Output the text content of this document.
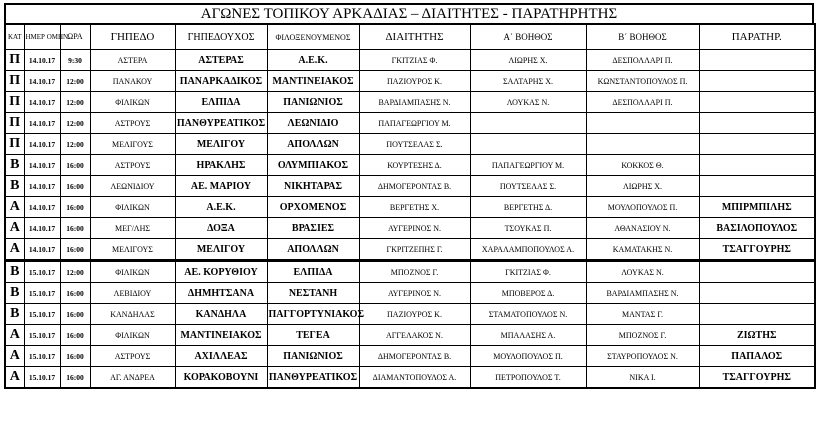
ΑΓΩΝΕΣ ΤΟΠΙΚΟΥ ΑΡΚΑΔΙΑΣ – ΔΙΑΙΤΗΤΕΣ - ΠΑΡΑΤΗΡΗΤΗΣ
ΚΑΤ	ΗΜΕΡ ΟΜΗΝ	ΩΡΑ	ΓΗΠΕΔΟ	ΓΗΠΕΔΟΥΧΟΣ	ΦΙΛΟΞΕΝΟΥΜΕΝΟΣ	ΔΙΑΙΤΗΤΗΣ	Α΄ ΒΟΗΘΟΣ	Β΄ ΒΟΗΘΟΣ	ΠΑΡΑΤΗΡ.
Π	14.10.17	9:30	ΑΣΤΕΡΑ	ΑΣΤΕΡΑΣ	Α.Ε.Κ.	ΓΚΙΤΖΙΑΣ Φ.	ΛΙΩΡΗΣ Χ.	ΔΕΣΠΟΛΛΑΡΙ Π.	
Π	14.10.17	12:00	ΠΑΝΑΚΟΥ	ΠΑΝΑΡΚΑΔΙΚΟΣ	ΜΑΝΤΙΝΕΙΑΚΟΣ	ΠΑΖΙΟΥΡΟΣ Κ.	ΣΑΛΤΑΡΗΣ Χ.	ΚΩΝΣΤΑΝΤΟΠΟΥΛΟΣ Π.	
Π	14.10.17	12:00	ΦΙΛΙΚΩΝ	ΕΛΠΙΔΑ	ΠΑΝΙΩΝΙΟΣ	ΒΑΡΔΙΑΜΠΑΣΗΣ Ν.	ΛΟΥΚΑΣ Ν.	ΔΕΣΠΟΛΛΑΡΙ Π.	
Π	14.10.17	12:00	ΑΣΤΡΟΥΣ	ΠΑΝΘΥΡΕΑΤΙΚΟΣ	ΛΕΩΝΙΔΙΟ	ΠΑΠΑΓΕΩΡΓΙΟΥ Μ.			
Π	14.10.17	12:00	ΜΕΛΙΓΟΥΣ	ΜΕΛΙΓΟΥ	ΑΠΟΛΛΩΝ	ΠΟΥΤΣΕΛΑΣ Σ.			
Β	14.10.17	16:00	ΑΣΤΡΟΥΣ	ΗΡΑΚΛΗΣ	ΟΛΥΜΠΙΑΚΟΣ	ΚΟΥΡΤΕΣΗΣ Δ.	ΠΑΠΑΓΕΩΡΓΙΟΥ Μ.	ΚΟΚΚΟΣ Θ.	
Β	14.10.17	16:00	ΛΕΩΝΙΔΙΟΥ	ΑΕ. ΜΑΡΙΟΥ	ΝΙΚΗΤΑΡΑΣ	ΔΗΜΟΓΕΡΟΝΤΑΣ Β.	ΠΟΥΤΣΕΛΑΣ Σ.	ΛΙΩΡΗΣ Χ.	
Α	14.10.17	16:00	ΦΙΛΙΚΩΝ	Α.Ε.Κ.	ΟΡΧΟΜΕΝΟΣ	ΒΕΡΓΕΤΗΣ Χ.	ΒΕΡΓΕΤΗΣ Δ.	ΜΟΥΛΟΠΟΥΛΟΣ Π.	ΜΠΙΡΜΠΙΛΗΣ
Α	14.10.17	16:00	ΜΕΓ/ΛΗΣ	ΔΟΞΑ	ΒΡΑΣΙΕΣ	ΑΥΓΕΡΙΝΟΣ Ν.	ΤΣΟΥΚΑΣ Π.	ΑΘΑΝΑΣΙΟΥ Ν.	ΒΑΣΙΛΟΠΟΥΛΟΣ
Α	14.10.17	16:00	ΜΕΛΙΓΟΥΣ	ΜΕΛΙΓΟΥ	ΑΠΟΛΛΩΝ	ΓΚΡΙΤΖΕΠΗΣ Γ.	ΧΑΡΑΛΑΜΠΟΠΟΥΛΟΣ Α.	ΚΑΜΑΤΑΚΗΣ Ν.	ΤΣΑΓΓΟΥΡΗΣ
Β	15.10.17	12:00	ΦΙΛΙΚΩΝ	ΑΕ. ΚΟΡΥΘΙΟΥ	ΕΛΠΙΔΑ	ΜΠΟΖΝΟΣ Γ.	ΓΚΙΤΖΙΑΣ Φ.	ΛΟΥΚΑΣ Ν.	
Β	15.10.17	16:00	ΛΕΒΙΔΙΟΥ	ΔΗΜΗΤΣΑΝΑ	ΝΕΣΤΑΝΗ	ΑΥΓΕΡΙΝΟΣ Ν.	ΜΠΟΒΕΡΟΣ Δ.	ΒΑΡΔΙΑΜΠΑΣΗΣ Ν.	
Β	15.10.17	16:00	ΚΑΝΔΗΛΑΣ	ΚΑΝΔΗΛΑ	ΠΑΓΓΟΡΤΥΝΙΑΚΟΣ	ΠΑΖΙΟΥΡΟΣ Κ.	ΣΤΑΜΑΤΟΠΟΥΛΟΣ Ν.	ΜΑΝΤΑΣ Γ.	
Α	15.10.17	16:00	ΦΙΛΙΚΩΝ	ΜΑΝΤΙΝΕΙΑΚΟΣ	ΤΕΓΕΑ	ΑΓΓΕΛΑΚΟΣ Ν.	ΜΠΑΛΑΣΗΣ Α.	ΜΠΟΖΝΟΣ Γ.	ΖΙΩΤΗΣ
Α	15.10.17	16:00	ΑΣΤΡΟΥΣ	ΑΧΙΛΛΕΑΣ	ΠΑΝΙΩΝΙΟΣ	ΔΗΜΟΓΕΡΟΝΤΑΣ Β.	ΜΟΥΛΟΠΟΥΛΟΣ Π.	ΣΤΑΥΡΟΠΟΥΛΟΣ Ν.	ΠΑΠΑΛΟΣ
Α	15.10.17	16:00	ΑΓ. ΑΝΔΡΕΑ	ΚΟΡΑΚΟΒΟΥΝΙ	ΠΑΝΘΥΡΕΑΤΙΚΟΣ	ΔΙΑΜΑΝΤΟΠΟΥΛΟΣ Α.	ΠΕΤΡΟΠΟΥΛΟΣ Τ.	ΝΙΚΑ Ι.	ΤΣΑΓΓΟΥΡΗΣ
